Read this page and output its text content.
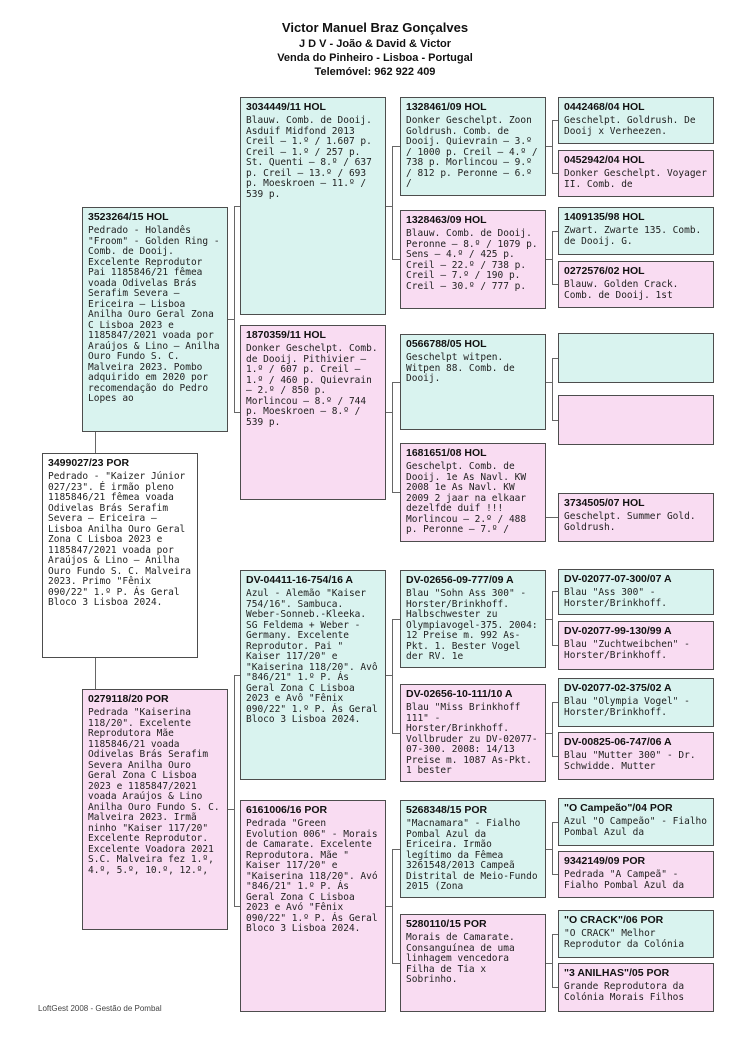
Victor Manuel Braz Gonçalves
J D V - João & David & Victor
Venda do Pinheiro - Lisboa - Portugal
Telemóvel: 962 922 409
3523264/15 HOL
Pedrado - Holandês "Froom" - Golden Ring - Comb. de Dooij. Excelente Reprodutor Pai 1185846/21 fêmea voada Odivelas Brás Serafim Severa – Ericeira – Lisboa Anilha Ouro Geral Zona C Lisboa 2023 e 1185847/2021 voada por Araújos & Lino – Anilha Ouro Fundo S. C. Malveira 2023. Pombo adquirido em 2020 por recomendação do Pedro Lopes ao
3499027/23 POR
Pedrado - "Kaizer Júnior 027/23". É irmão pleno 1185846/21 fêmea voada Odivelas Brás Serafim Severa – Ericeira – Lisboa Anilha Ouro Geral Zona C Lisboa 2023 e 1185847/2021 voada por Araújos & Lino – Anilha Ouro Fundo S. C. Malveira 2023. Primo "Fênix 090/22" 1.º P. Ás Geral Bloco 3 Lisboa 2024.
0279118/20 POR
Pedrada "Kaiserina 118/20". Excelente Reprodutora Mãe 1185846/21 voada Odivelas Brás Serafim Severa Anilha Ouro Geral Zona C Lisboa 2023 e 1185847/2021 voada Araújos & Lino Anilha Ouro Fundo S. C. Malveira 2023. Irmã ninho "Kaiser 117/20" Excelente Reprodutor. Excelente Voadora 2021 S.C. Malveira fez 1.º, 4.º, 5.º, 10.º, 12.º,
3034449/11 HOL
Blauw. Comb. de Dooij. Asduif Midfond 2013 Creil – 1.º / 1.607 p. Creil – 1.º / 257 p. St. Quenti – 8.º / 637 p. Creil – 13.º / 693 p. Moeskroen – 11.º / 539 p.
1870359/11 HOL
Donker Geschelpt. Comb. de Dooij. Pithivier – 1.º / 607 p. Creil – 1.º / 460 p. Quievrain – 2.º / 850 p. Morlincou – 8.º / 744 p. Moeskroen – 8.º / 539 p.
DV-04411-16-754/16 A
Azul - Alemão "Kaiser 754/16". Sambuca. Weber-Sonneb.-Kleeka. SG Feldema + Weber - Germany. Excelente Reprodutor. Pai " Kaiser 117/20" e "Kaiserina 118/20". Avô "846/21" 1.º P. Ás Geral Zona C Lisboa 2023 e Avô "Fênix 090/22" 1.º P. Ás Geral Bloco 3 Lisboa 2024.
6161006/16 POR
Pedrada "Green Evolution 006" - Morais de Camarate. Excelente Reprodutora. Mãe " Kaiser 117/20" e "Kaiserina 118/20". Avó "846/21" 1.º P. Ás Geral Zona C Lisboa 2023 e Avó "Fênix 090/22" 1.º P. Ás Geral Bloco 3 Lisboa 2024.
1328461/09 HOL
Donker Geschelpt. Zoon Goldrush. Comb. de Dooij. Quievrain – 3.º / 1000 p. Creil – 4.º / 738 p. Morlincou – 9.º / 812 p. Peronne – 6.º /
1328463/09 HOL
Blauw. Comb. de Dooij. Peronne – 8.º / 1079 p. Sens – 4.º / 425 p. Creil – 22.º / 738 p. Creil – 7.º / 190 p. Creil – 30.º / 777 p.
0566788/05 HOL
Geschelpt witpen. Witpen 88. Comb. de Dooij.
1681651/08 HOL
Geschelpt. Comb. de Dooij. 1e As Navl. KW 2008 1e As Navl. KW 2009 2 jaar na elkaar dezelfde duif !!! Morlincou – 2.º / 488 p. Peronne – 7.º /
DV-02656-09-777/09 A
Blau "Sohn Ass 300" - Horster/Brinkhoff. Halbschwester zu Olympiavogel-375. 2004: 12 Preise m. 992 As-Pkt. 1. Bester Vogel der RV. 1e
DV-02656-10-111/10 A
Blau "Miss Brinkhoff 111" - Horster/Brinkhoff. Vollbruder zu DV-02077-07-300. 2008: 14/13 Preise m. 1087 As-Pkt. 1 bester
5268348/15 POR
"Macnamara" - Fialho Pombal Azul da Ericeira. Irmão legítimo da Fêmea 3261548/2013 Campeã Distrital de Meio-Fundo 2015 (Zona
5280110/15 POR
Morais de Camarate. Consanguínea de uma linhagem vencedora Filha de Tia x Sobrinho.
0442468/04 HOL
Geschelpt. Goldrush. De Dooij x Verheezen.
0452942/04 HOL
Donker Geschelpt. Voyager II. Comb. de
1409135/98 HOL
Zwart. Zwarte 135. Comb. de Dooij. G.
0272576/02 HOL
Blauw. Golden Crack. Comb. de Dooij. 1st
3734505/07 HOL
Geschelpt. Summer Gold. Goldrush.
DV-02077-07-300/07 A
Blau "Ass 300" - Horster/Brinkhoff.
DV-02077-99-130/99 A
Blau "Zuchtweibchen" - Horster/Brinkhoff.
DV-02077-02-375/02 A
Blau "Olympia Vogel" - Horster/Brinkhoff.
DV-00825-06-747/06 A
Blau "Mutter 300" - Dr. Schwidde. Mutter
"O Campeão"/04 POR
Azul "O Campeão" - Fialho Pombal Azul da
9342149/09 POR
Pedrada "A Campeã" - Fialho Pombal Azul da
"O CRACK"/06 POR
"O CRACK" Melhor Reprodutor da Colónia
"3 ANILHAS"/05 POR
Grande Reprodutora da Colónia Morais Filhos
LoftGest 2008 - Gestão de Pombal
